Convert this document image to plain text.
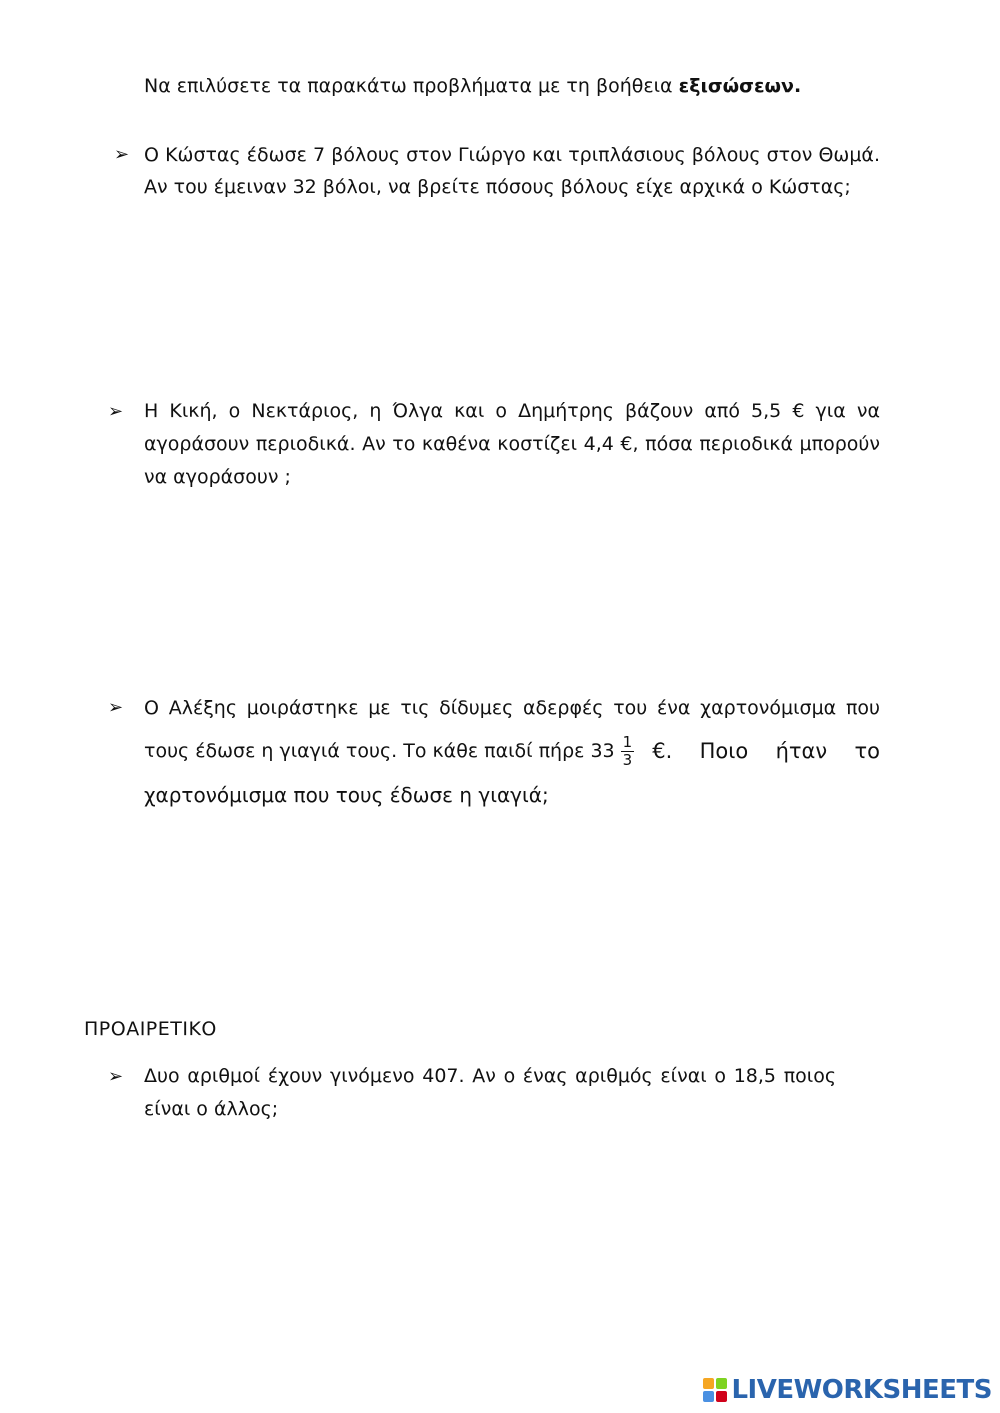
Να επιλύσετε τα παρακάτω προβλήματα με τη βοήθεια εξισώσεων.
➢ Ο Κώστας έδωσε 7 βόλους στον Γιώργο και τριπλάσιους βόλους στον Θωμά.
Αν του έμειναν 32 βόλοι, να βρείτε πόσους βόλους είχε αρχικά ο Κώστας;
➢ Η Κική, ο Νεκτάριος, η Όλγα και ο Δημήτρης βάζουν από 5,5 € για να
αγοράσουν περιοδικά. Αν το καθένα κοστίζει 4,4 €, πόσα περιοδικά μπορούν
να αγοράσουν ;
➢ Ο Αλέξης μοιράστηκε με τις δίδυμες αδερφές του ένα χαρτονόμισμα που
τους έδωσε η γιαγιά τους. Το κάθε παιδί πήρε $33 \frac{1}{3}$ €. Ποιο ήταν το
χαρτονόμισμα που τους έδωσε η γιαγιά;
ΠΡΟΑΙΡΕΤΙΚΟ
➢ Δυο αριθμοί έχουν γινόμενο 407. Αν ο ένας αριθμός είναι ο 18,5 ποιος
είναι ο άλλος;
LIVEWORKSHEETS
